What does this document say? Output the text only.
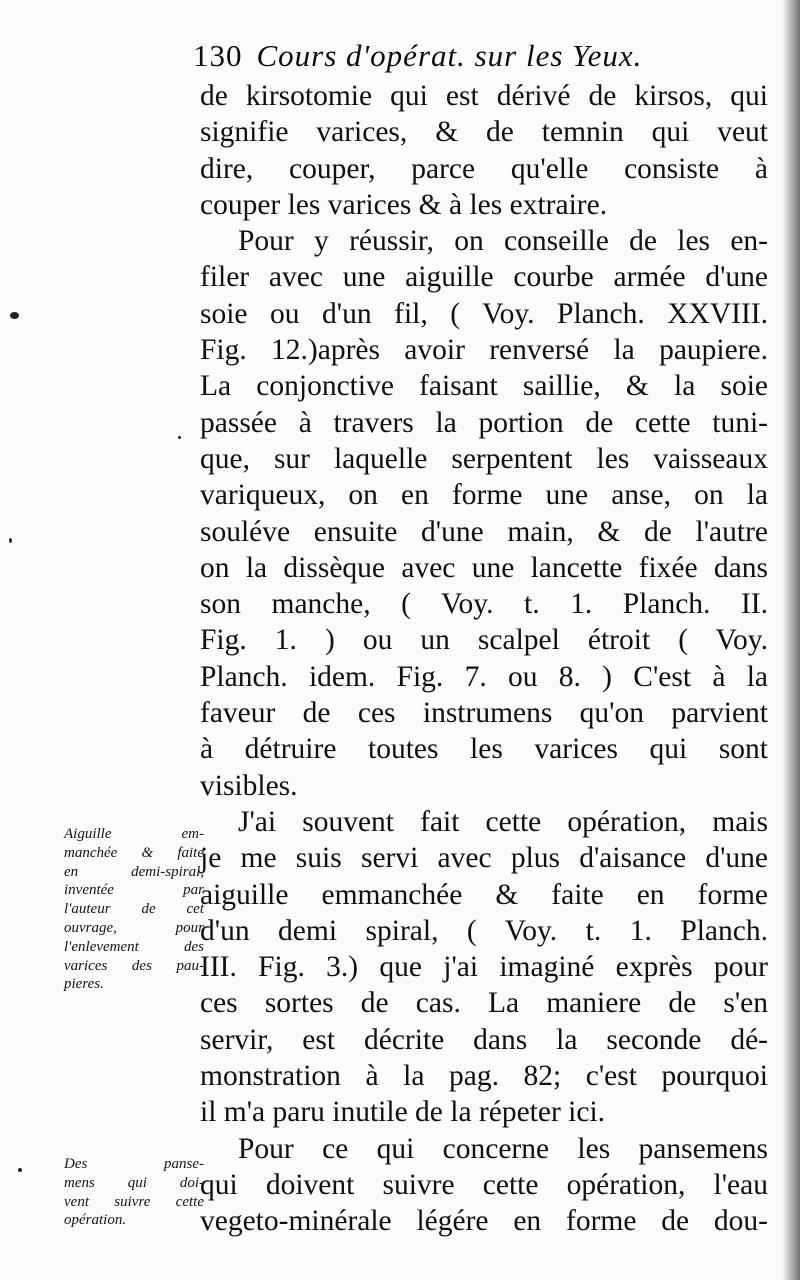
130 Cours d'opérat. sur les Yeux.
de kirsotomie qui est dérivé de kirsos, qui
signifie varices, & de temnin qui veut
dire, couper, parce qu'elle consiste à
couper les varices & à les extraire.
Pour y réussir, on conseille de les en-
filer avec une aiguille courbe armée d'une
soie ou d'un fil, ( Voy. Planch. XXVIII.
Fig. 12.)après avoir renversé la paupiere.
La conjonctive faisant saillie, & la soie
passée à travers la portion de cette tuni-
que, sur laquelle serpentent les vaisseaux
variqueux, on en forme une anse, on la
souléve ensuite d'une main, & de l'autre
on la dissèque avec une lancette fixée dans
son manche, ( Voy. t. 1. Planch. II.
Fig. 1. ) ou un scalpel étroit ( Voy.
Planch. idem. Fig. 7. ou 8. ) C'est à la
faveur de ces instrumens qu'on parvient
à détruire toutes les varices qui sont
visibles.
J'ai souvent fait cette opération, mais
je me suis servi avec plus d'aisance d'une
aiguille emmanchée & faite en forme
d'un demi spiral, ( Voy. t. 1. Planch.
III. Fig. 3.) que j'ai imaginé exprès pour
ces sortes de cas. La maniere de s'en
servir, est décrite dans la seconde dé-
monstration à la pag. 82; c'est pourquoi
il m'a paru inutile de la répeter ici.
Pour ce qui concerne les pansemens
qui doivent suivre cette opération, l'eau
vegeto-minérale légére en forme de dou-
Aiguille em-
manchée & faite
en demi-spiral,
inventée par
l'auteur de cet
ouvrage, pour
l'enlevement des
varices des pau-
pieres.
Des panse-
mens qui doi-
vent suivre cette
opération.
